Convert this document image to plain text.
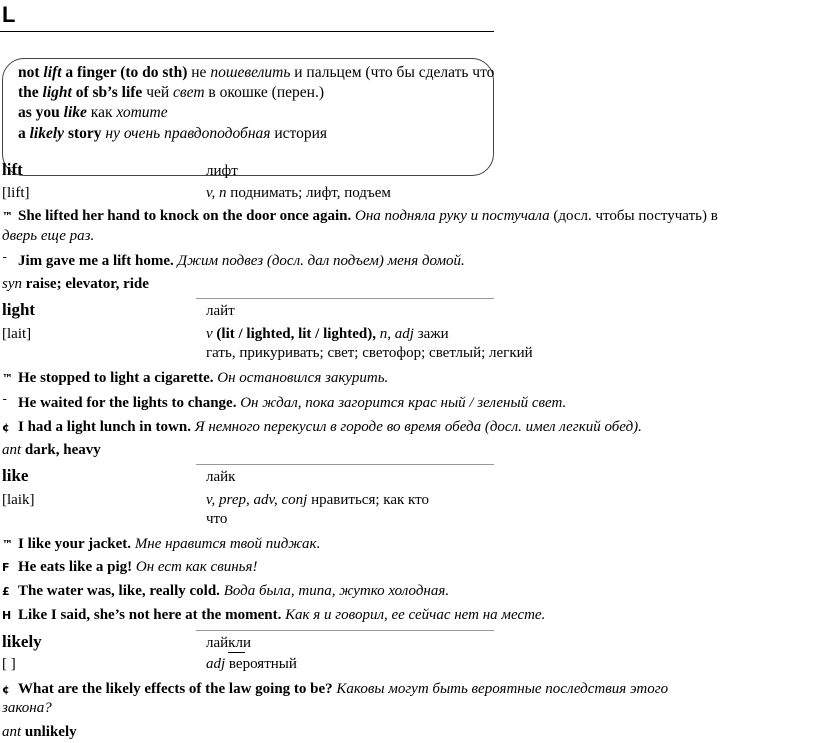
L
not lift a finger (to do sth) не пошевелить и пальцем (что бы сделать что
the light of sb’s life чей свет в окошке (перен.)
as you like как хотите
a likely story ну очень правдоподобная история
lift	лифт
[lift]	v, n поднимать; лифт, подъем
™ She lifted her hand to knock on the door once again. Она подняла руку и постучала (досл. чтобы постучать) в
дверь еще раз.
ˉ Jim gave me a lift home. Джим подвез (досл. дал подъем) меня домой.
syn raise; elevator, ride
light	лайт
[lait]	v (lit / lighted, lit / lighted), n, adj зажи
гать, прикуривать; свет; светофор; светлый; легкий
™ He stopped to light a cigarette. Он остановился закурить.
ˉ He waited for the lights to change. Он ждал, пока загорится крас ный / зеленый свет.
¢ I had a light lunch in town. Я немного перекусил в городе во время обеда (досл. имел легкий обед).
ant dark, heavy
like	лайк
[laik]	v, prep, adv, conj нравиться; как кто
что
™ I like your jacket. Мне нравится твой пиджак.
F He eats like a pig! Он ест как свинья!
£ The water was, like, really cold. Вода была, типа, жутко холодная.
H Like I said, she’s not here at the moment. Как я и говорил, ее сейчас нет на месте.
likely	лайкли
[ ]	adj вероятный
¢ What are the likely effects of the law going to be? Каковы могут быть вероятные последствия этого
закона?
ant unlikely
